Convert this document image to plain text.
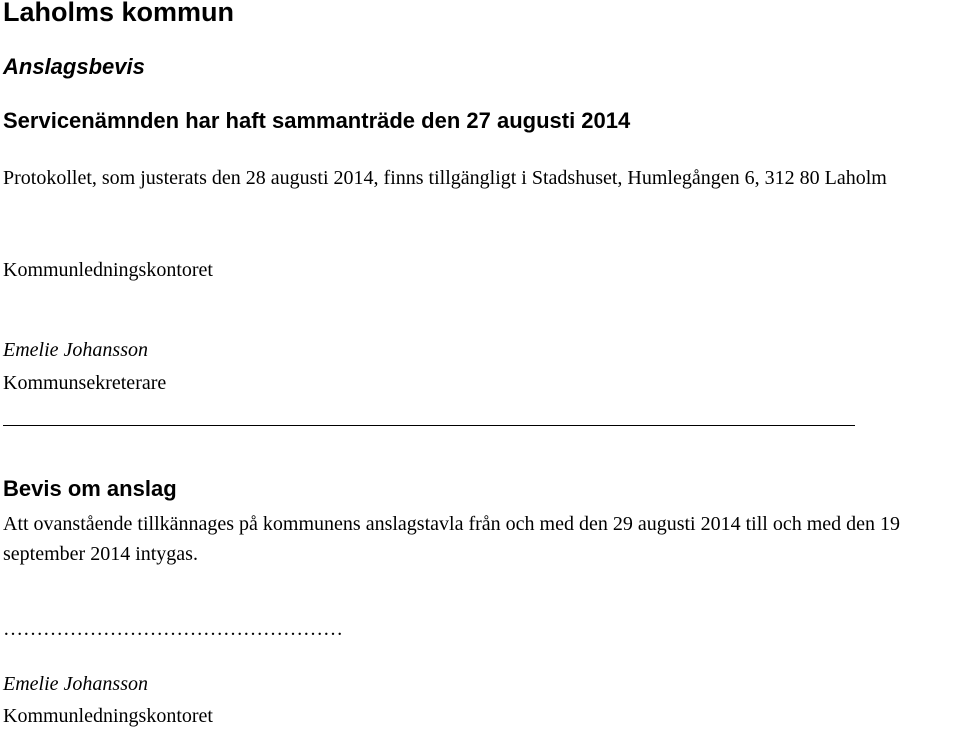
Laholms kommun
Anslagsbevis
Servicenämnden har haft sammanträde den 27 augusti 2014
Protokollet, som justerats den 28 augusti 2014, finns tillgängligt i Stadshuset, Humlegången 6, 312 80 Laholm
Kommunledningskontoret
Emelie Johansson
Kommunsekreterare
Bevis om anslag
Att ovanstående tillkännages på kommunens anslagstavla från och med den 29 augusti 2014 till och med den 19 september 2014 intygas.
……………………………………………
Emelie Johansson
Kommunledningskontoret
